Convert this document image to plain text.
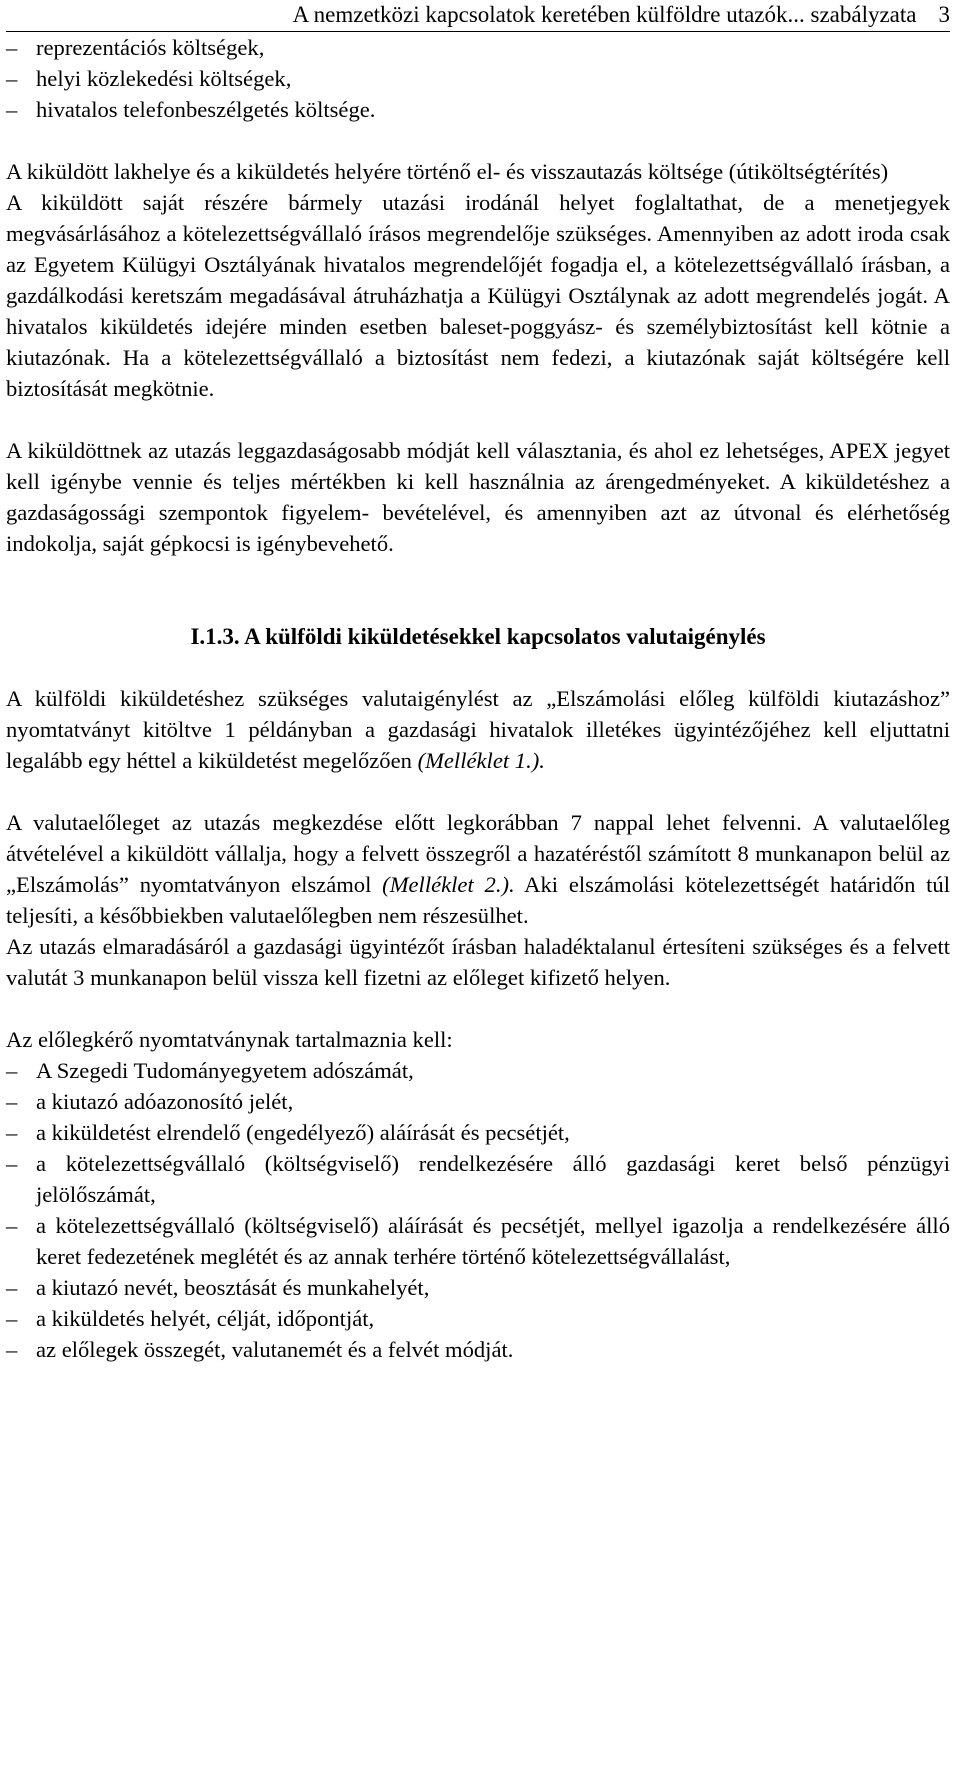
A nemzetközi kapcsolatok keretében külföldre utazók... szabályzata 3
– reprezentációs költségek,
– helyi közlekedési költségek,
– hivatalos telefonbeszélgetés költsége.

A kiküldött lakhelye és a kiküldetés helyére történő el- és visszautazás költsége (útiköltségtérítés)

A kiküldött saját részére bármely utazási irodánál helyet foglaltathat, de a menetjegyek megvásárlásához a kötelezettségvállaló írásos megrendelője szükséges. Amennyiben az adott iroda csak az Egyetem Külügyi Osztályának hivatalos megrendelőjét fogadja el, a kötelezettségvállaló írásban, a gazdálkodási keretszám megadásával átruházhatja a Külügyi Osztálynak az adott megrendelés jogát. A hivatalos kiküldetés idejére minden esetben baleset-poggyász- és személybiztosítást kell kötnie a kiutazónak. Ha a kötelezettségvállaló a biztosítást nem fedezi, a kiutazónak saját költségére kell biztosítását megkötnie.

A kiküldöttnek az utazás leggazdaságosabb módját kell választania, és ahol ez lehetséges, APEX jegyet kell igénybe vennie és teljes mértékben ki kell használnia az árengedményeket. A kiküldetéshez a gazdaságossági szempontok figyelem- bevételével, és amennyiben azt az útvonal és elérhetőség indokolja, saját gépkocsi is igénybevehető.

I.1.3. A külföldi kiküldetésekkel kapcsolatos valutaigénylés

A külföldi kiküldetéshez szükséges valutaigénylést az „Elszámolási előleg külföldi kiutazáshoz” nyomtatványt kitöltve 1 példányban a gazdasági hivatalok illetékes ügyintézőjéhez kell eljuttatni legalább egy héttel a kiküldetést megelőzően (Melléklet 1.).

A valutaelőleget az utazás megkezdése előtt legkorábban 7 nappal lehet felvenni. A valutaelőleg átvételével a kiküldött vállalja, hogy a felvett összegről a hazatéréstől számított 8 munkanapon belül az „Elszámolás” nyomtatványon elszámol (Melléklet 2.). Aki elszámolási kötelezettségét határidőn túl teljesíti, a későbbiekben valutaelőlegben nem részesülhet.

Az utazás elmaradásáról a gazdasági ügyintézőt írásban haladéktalanul értesíteni szükséges és a felvett valutát 3 munkanapon belül vissza kell fizetni az előleget kifizető helyen.

Az előlegkérő nyomtatványnak tartalmaznia kell:

– A Szegedi Tudományegyetem adószámát,
– a kiutazó adóazonosító jelét,
– a kiküldetést elrendelő (engedélyező) aláírását és pecsétjét,
– a kötelezettségvállaló (költségviselő) rendelkezésére álló gazdasági keret belső pénzügyi jelölőszámát,
– a kötelezettségvállaló (költségviselő) aláírását és pecsétjét, mellyel igazolja a rendelkezésére álló keret fedezetének meglétét és az annak terhére történő kötelezettségvállalást,
– a kiutazó nevét, beosztását és munkahelyét,
– a kiküldetés helyét, célját, időpontját,
– az előlegek összegét, valutanemét és a felvét módját.
